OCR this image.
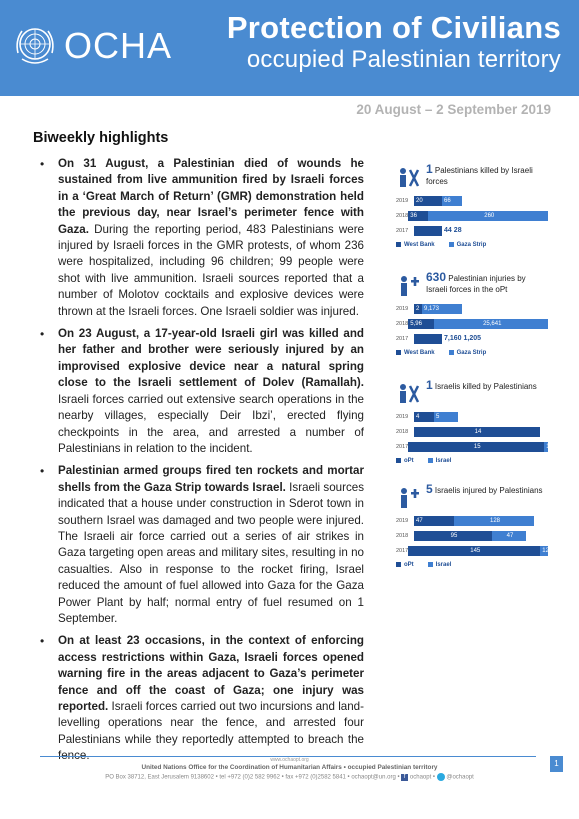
OCHA Protection of Civilians
occupied Palestinian territory
20 August – 2 September 2019
Biweekly highlights
• On 31 August, a Palestinian died of wounds he sustained from live ammunition fired by Israeli forces in a ‘Great March of Return’ (GMR) demonstration held the previous day, near Israel’s perimeter fence with Gaza. During the reporting period, 483 Palestinians were injured by Israeli forces in the GMR protests, of whom 236 were hospitalized, including 96 children; 99 people were shot with live ammunition. Israeli sources reported that a number of Molotov cocktails and explosive devices were thrown at the Israeli forces. One Israeli soldier was injured.
• On 23 August, a 17-year-old Israeli girl was killed and her father and brother were seriously injured by an improvised explosive device near a natural spring close to the Israeli settlement of Dolev (Ramallah). Israeli forces carried out extensive search operations in the nearby villages, especially Deir Ibzi’, erected flying checkpoints in the area, and arrested a number of Palestinians in relation to the incident.
• Palestinian armed groups fired ten rockets and mortar shells from the Gaza Strip towards Israel. Israeli sources indicated that a house under construction in Sderot town in southern Israel was damaged and two people were injured. The Israeli air force carried out a series of air strikes in Gaza targeting open areas and military sites, resulting in no casualties. Also in response to the rocket firing, Israel reduced the amount of fuel allowed into Gaza for the Gaza Power Plant by half; normal entry of fuel resumed on 1 September.
• On at least 23 occasions, in the context of enforcing access restrictions within Gaza, Israeli forces opened warning fire in the areas adjacent to Gaza’s perimeter fence and off the coast of Gaza; one injury was reported. Israeli forces carried out two incursions and land-levelling operations near the fence, and arrested four Palestinians while they reportedly attempted to breach the fence.
1 Palestinians killed by Israeli forces
2019	20	66
2018 36	260
2017	44 28
West Bank	Gaza Strip
630 Palestinian injuries by Israeli forces in the oPt
2019	2 9,173
2018 5,96	25,641
2017	7,160 1,205
West Bank	Gaza Strip
1 Israelis killed by Palestinians
2019	4	5
2018	14
2017	15	1
oPt	Israel
5 Israelis injured by Palestinians
2019	47	128
2018	95	47
2017	145	12
oPt	Israel
www.ochaopt.org
United Nations Office for the Coordination of Humanitarian Affairs • occupied Palestinian territory
PO Box 38712, East Jerusalem 9138602 • tel +972 (0)2 582 9962 • fax +972 (0)2582 5841 • ochaopt@un.org • f ochaopt •  @ochaopt
1
